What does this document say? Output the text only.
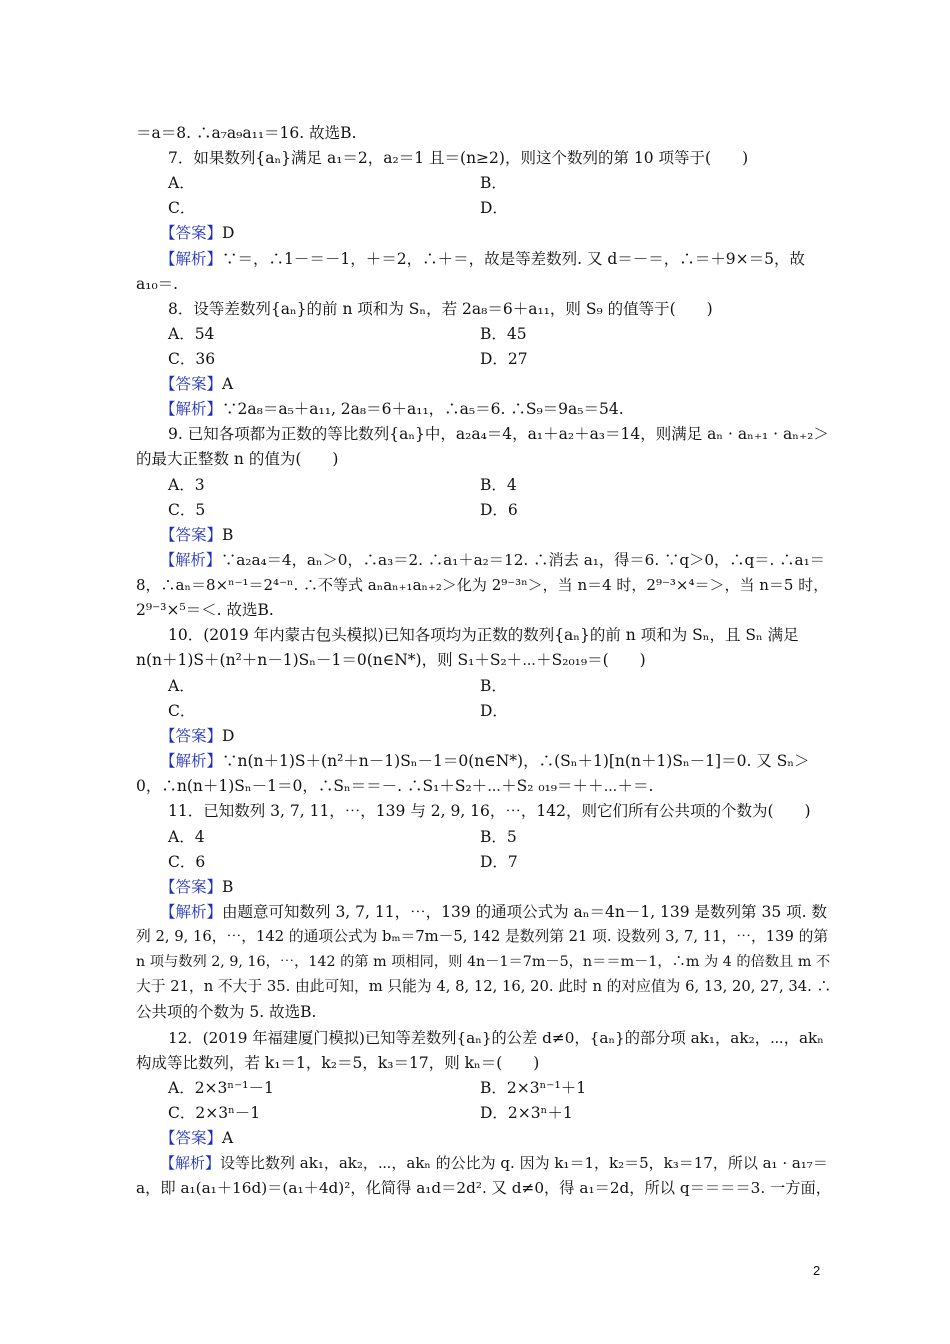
＝a＝8. ∴a₇a₉a₁₁＝16. 故选B.
7．如果数列{aₙ}满足 a₁＝2，a₂＝1 且＝(n≥2)，则这个数列的第 10 项等于(　　)
A．	B．
C．	D．
【答案】D
【解析】∵＝，∴1－＝－1，＋＝2，∴＋＝，故是等差数列. 又 d＝－＝，∴＝＋9×＝5，故
a₁₀＝.
8．设等差数列{aₙ}的前 n 项和为 Sₙ，若 2a₈＝6＋a₁₁，则 S₉ 的值等于(　　)
A．54	B．45
C．36	D．27
【答案】A
【解析】∵2a₈＝a₅＋a₁₁, 2a₈＝6＋a₁₁，∴a₅＝6. ∴S₉＝9a₅＝54.
9. 已知各项都为正数的等比数列{aₙ}中，a₂a₄＝4，a₁＋a₂＋a₃＝14，则满足 aₙ · aₙ₊₁ · aₙ₊₂＞
的最大正整数 n 的值为(　　)
A．3	B．4
C．5	D．6
【答案】B
【解析】∵a₂a₄＝4，aₙ＞0，∴a₃＝2. ∴a₁＋a₂＝12. ∴消去 a₁，得＝6. ∵q＞0，∴q＝. ∴a₁＝
8，∴aₙ＝8×ⁿ⁻¹＝2⁴⁻ⁿ. ∴不等式 aₙaₙ₊₁aₙ₊₂＞化为 2⁹⁻³ⁿ＞，当 n＝4 时，2⁹⁻³×⁴＝＞，当 n＝5 时，
2⁹⁻³×⁵＝＜. 故选B.
10．(2019 年内蒙古包头模拟)已知各项均为正数的数列{aₙ}的前 n 项和为 Sₙ，且 Sₙ 满足
n(n＋1)S＋(n²＋n－1)Sₙ－1＝0(n∈N*)，则 S₁＋S₂＋⋯＋S₂₀₁₉＝(　　)
A．	B．
C．	D．
【答案】D
【解析】∵n(n＋1)S＋(n²＋n－1)Sₙ－1＝0(n∈N*)，∴(Sₙ＋1)[n(n＋1)Sₙ－1]＝0. 又 Sₙ＞
0，∴n(n＋1)Sₙ－1＝0，∴Sₙ＝＝－. ∴S₁＋S₂＋⋯＋S₂ ₀₁₉＝＋＋⋯＋＝.
11．已知数列 3, 7, 11，⋯，139 与 2, 9, 16，⋯，142，则它们所有公共项的个数为(　　)
A．4	B．5
C．6	D．7
【答案】B
【解析】由题意可知数列 3, 7, 11，⋯，139 的通项公式为 aₙ＝4n－1, 139 是数列第 35 项. 数
列 2, 9, 16，⋯，142 的通项公式为 bₘ＝7m－5, 142 是数列第 21 项. 设数列 3, 7, 11，⋯，139 的第
n 项与数列 2, 9, 16，⋯，142 的第 m 项相同，则 4n－1＝7m－5，n＝＝m－1，∴m 为 4 的倍数且 m 不
大于 21，n 不大于 35. 由此可知，m 只能为 4, 8, 12, 16, 20. 此时 n 的对应值为 6, 13, 20, 27, 34. ∴
公共项的个数为 5. 故选B.
12．(2019 年福建厦门模拟)已知等差数列{aₙ}的公差 d≠0，{aₙ}的部分项 ak₁，ak₂，⋯，akₙ
构成等比数列，若 k₁＝1，k₂＝5，k₃＝17，则 kₙ＝(　　)
A．2×3ⁿ⁻¹－1	B．2×3ⁿ⁻¹＋1
C．2×3ⁿ－1	D．2×3ⁿ＋1
【答案】A
【解析】设等比数列 ak₁，ak₂，⋯，akₙ 的公比为 q. 因为 k₁＝1，k₂＝5，k₃＝17，所以 a₁ · a₁₇＝
a，即 a₁(a₁＋16d)＝(a₁＋4d)²，化简得 a₁d＝2d². 又 d≠0，得 a₁＝2d，所以 q＝＝＝＝3. 一方面，
2
